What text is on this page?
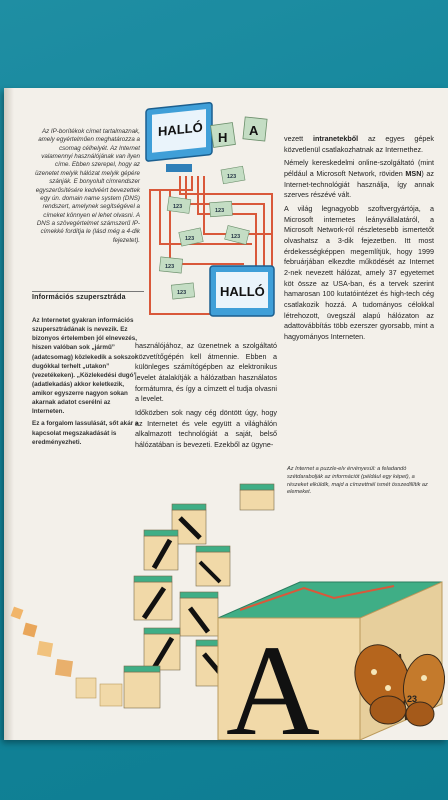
HALLÓ
HALLÓ
H A
123
123
123
123	123
123
123
Az IP-borítékok címet tartalmaznak, amely egyértelműen meghatározza a csomag célhelyét. Az Internet valamennyi használójának van ilyen címe. Ebben szerepel, hogy az üzenetet melyik hálózat melyik gépére szánják. E bonyolult címrendszer egyszerűsítésére kedvéért bevezettek egy ún. domain name system (DNS) rendszert, amelynek segítségével a címeket könnyen el lehet olvasni. A DNS a szövegértelmet számszerű IP-címekké fordítja le (lásd még a 4-dik fejezetet).
Információs szupersztráda

Az Internetet gyakran információs szupersztrádának is nevezik. Ez bizonyos értelemben jól elnevezés, hiszen valóban sok „jármű” (adatcsomag) közlekedik a sokszor dugókkal terhelt „utakon” (vezetékeken). „Közlekedési dugó” (adatlekadás) akkor keletkezik, amikor egyszerre nagyon sokan akarnak adatot cserélni az Interneten.

Ez a forgalom lassulását, sőt akár a kapcsolat megszakadását is eredményezheti.

használójához, az üzenetnek a szolgáltató közvetítőgépén kell átmennie. Ebben a különleges számítógépben az elektronikus levelet átalakítják a hálózatban használatos formátumra, és így a címzett el tudja olvasni a levelet.

Időközben sok nagy cég döntött úgy, hogy az Internetet és vele együtt a világhálón alkalmazott technológiát a saját, belső hálózatában is bevezeti. Ezekből az ügyne-

vezett intranetekből az egyes gépek közvetlenül csatlakozhatnak az Internethez.

Némely kereskedelmi online-szolgáltató (mint például a Microsoft Network, röviden MSN) az Internet-technológiát használja, így annak szerves részévé vált.

A világ legnagyobb szoftvergyártója, a Microsoft internetes leányvállalatáról, a Microsoft Network-ról részletesebb ismertetőt olvashatsz a 3-dik fejezetben. Itt most érdekességképpen megemlítjük, hogy 1999 februárjában elkezdte működését az Internet 2-nek nevezett hálózat, amely 37 egyetemet köt össze az USA-ban, és a tervek szerint hamarosan 100 kutatóintézet és high-tech cég csatlakozik hozzá. A tudományos célokkal létrehozott, üvegszál alapú hálózaton az adattovábbítás több ezerszer gyorsabb, mint a hagyományos Interneten.

Az Internet a puzzle-elv érvényesül: a feladandó szétdarabolják az információt (például egy képet), a részeket elküldik, majd a címzettnél ismét összedillítik az elemeket.
A	23
